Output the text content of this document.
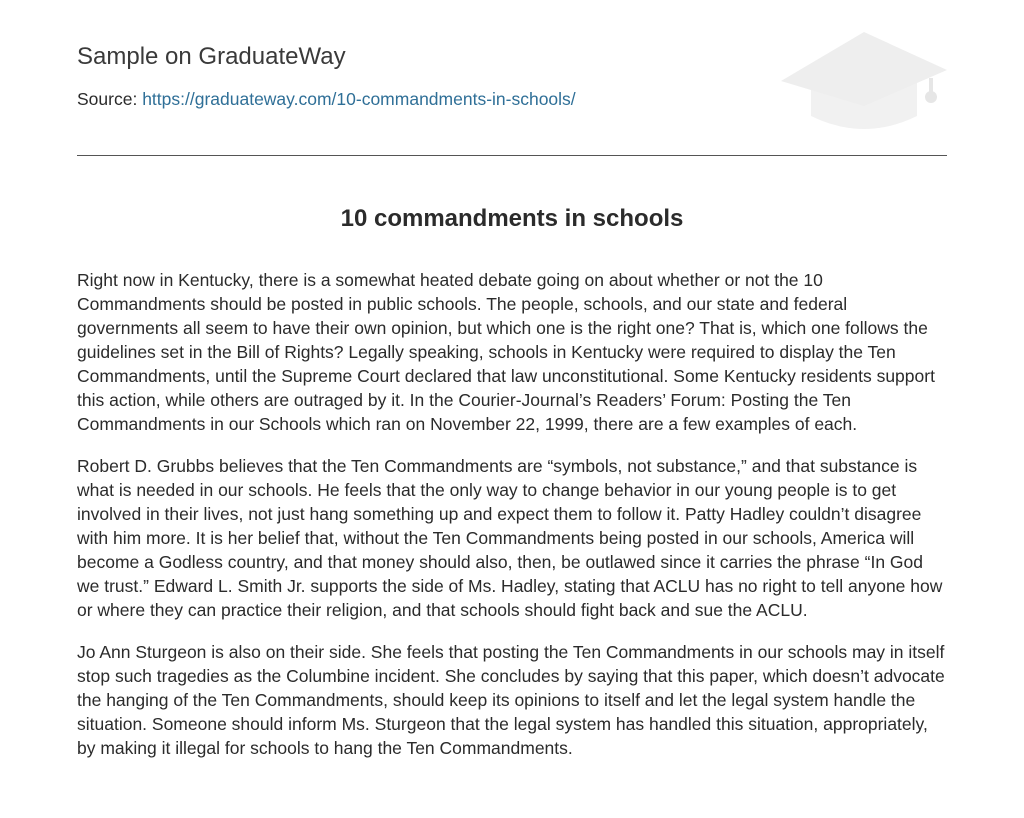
Sample on GraduateWay
Source: https://graduateway.com/10-commandments-in-schools/
10 commandments in schools

Right now in Kentucky, there is a somewhat heated debate going on about whether or not the 10 Commandments should be posted in public schools. The people, schools, and our state and federal governments all seem to have their own opinion, but which one is the right one? That is, which one follows the guidelines set in the Bill of Rights? Legally speaking, schools in Kentucky were required to display the Ten Commandments, until the Supreme Court declared that law unconstitutional. Some Kentucky residents support this action, while others are outraged by it. In the Courier-Journal’s Readers’ Forum: Posting the Ten Commandments in our Schools which ran on November 22, 1999, there are a few examples of each.

Robert D. Grubbs believes that the Ten Commandments are “symbols, not substance,” and that substance is what is needed in our schools. He feels that the only way to change behavior in our young people is to get involved in their lives, not just hang something up and expect them to follow it. Patty Hadley couldn’t disagree with him more. It is her belief that, without the Ten Commandments being posted in our schools, America will become a Godless country, and that money should also, then, be outlawed since it carries the phrase “In God we trust.” Edward L. Smith Jr. supports the side of Ms. Hadley, stating that ACLU has no right to tell anyone how or where they can practice their religion, and that schools should fight back and sue the ACLU.

Jo Ann Sturgeon is also on their side. She feels that posting the Ten Commandments in our schools may in itself stop such tragedies as the Columbine incident. She concludes by saying that this paper, which doesn’t advocate the hanging of the Ten Commandments, should keep its opinions to itself and let the legal system handle the situation. Someone should inform Ms. Sturgeon that the legal system has handled this situation, appropriately, by making it illegal for schools to hang the Ten Commandments.
